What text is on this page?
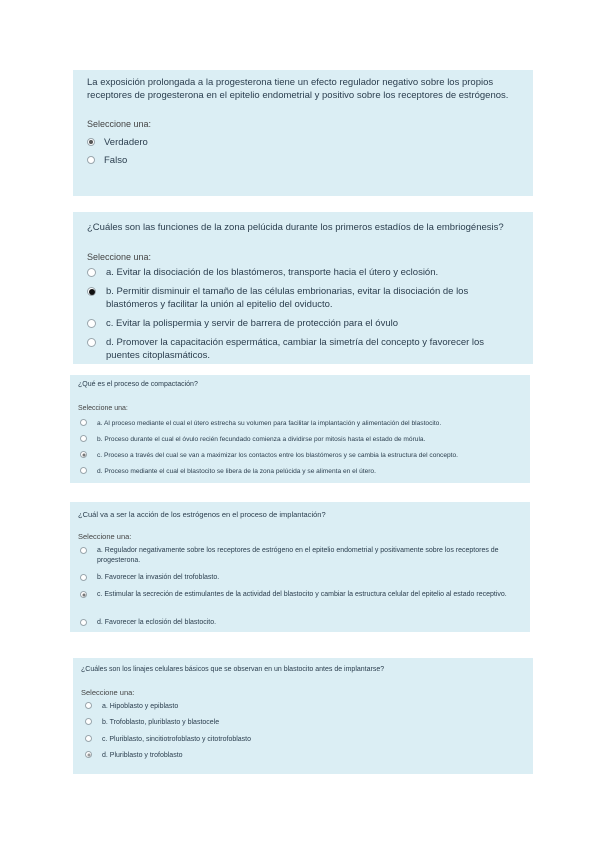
La exposición prolongada a la progesterona tiene un efecto regulador negativo sobre los propios receptores de progesterona en el epitelio endometrial y positivo sobre los receptores de estrógenos.

Seleccione una:

Verdadero
Falso

¿Cuáles son las funciones de la zona pelúcida durante los primeros estadíos de la embriogénesis?

Seleccione una:

a. Evitar la disociación de los blastómeros, transporte hacia el útero y eclosión.
b. Permitir disminuir el tamaño de las células embrionarias, evitar la disociación de los blastómeros y facilitar la unión al epitelio del oviducto.
c. Evitar la polispermia y servir de barrera de protección para el óvulo
d. Promover la capacitación espermática, cambiar la simetría del concepto y favorecer los puentes citoplasmáticos.

¿Qué es el proceso de compactación?

Seleccione una:

a. Al proceso mediante el cual el útero estrecha su volumen para facilitar la implantación y alimentación del blastocito.
b. Proceso durante el cual el óvulo recién fecundado comienza a dividirse por mitosis hasta el estado de mórula.
c. Proceso a través del cual se van a maximizar los contactos entre los blastómeros y se cambia la estructura del concepto.
d. Proceso mediante el cual el blastocito se libera de la zona pelúcida y se alimenta en el útero.

¿Cuál va a ser la acción de los estrógenos en el proceso de implantación?

Seleccione una:

a. Regulador negativamente sobre los receptores de estrógeno en el epitelio endometrial y positivamente sobre los receptores de progesterona.
b. Favorecer la invasión del trofoblasto.
c. Estimular la secreción de estimulantes de la actividad del blastocito y cambiar la estructura celular del epitelio al estado receptivo.
d. Favorecer la eclosión del blastocito.

¿Cuáles son los linajes celulares básicos que se observan en un blastocito antes de implantarse?

Seleccione una:

a. Hipoblasto y epiblasto
b. Trofoblasto, pluriblasto y blastocele
c. Pluriblasto, sincitiotrofoblasto y citotrofoblasto
d. Pluriblasto y trofoblasto
